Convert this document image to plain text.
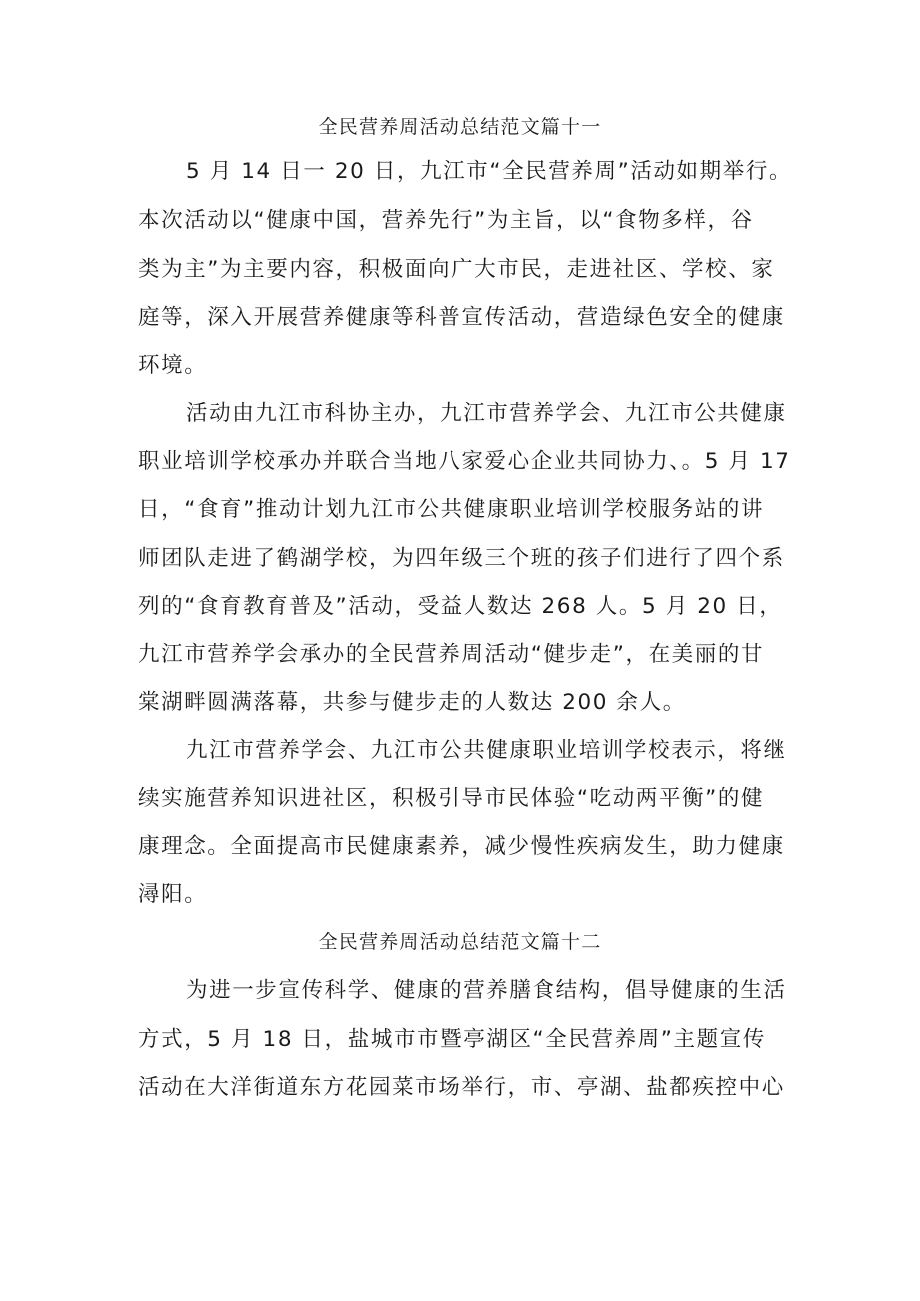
全民营养周活动总结范文篇十一
5 月 14 日一 20 日，九江市“全民营养周”活动如期举行。
本次活动以“健康中国，营养先行”为主旨，以“食物多样，谷
类为主”为主要内容，积极面向广大市民，走进社区、学校、家
庭等，深入开展营养健康等科普宣传活动，营造绿色安全的健康
环境。
活动由九江市科协主办，九江市营养学会、九江市公共健康
职业培训学校承办并联合当地八家爱心企业共同协力、。5 月 17
日，“食育”推动计划九江市公共健康职业培训学校服务站的讲
师团队走进了鹤湖学校，为四年级三个班的孩子们进行了四个系
列的“食育教育普及”活动，受益人数达 268 人。5 月 20 日，
九江市营养学会承办的全民营养周活动“健步走”，在美丽的甘
棠湖畔圆满落幕，共参与健步走的人数达 200 余人。
九江市营养学会、九江市公共健康职业培训学校表示，将继
续实施营养知识进社区，积极引导市民体验“吃动两平衡”的健
康理念。全面提高市民健康素养，减少慢性疾病发生，助力健康
潯阳。
全民营养周活动总结范文篇十二
为进一步宣传科学、健康的营养膳食结构，倡导健康的生活
方式，5 月 18 日，盐城市市暨亭湖区“全民营养周”主题宣传
活动在大洋街道东方花园菜市场举行，市、亭湖、盐都疾控中心
